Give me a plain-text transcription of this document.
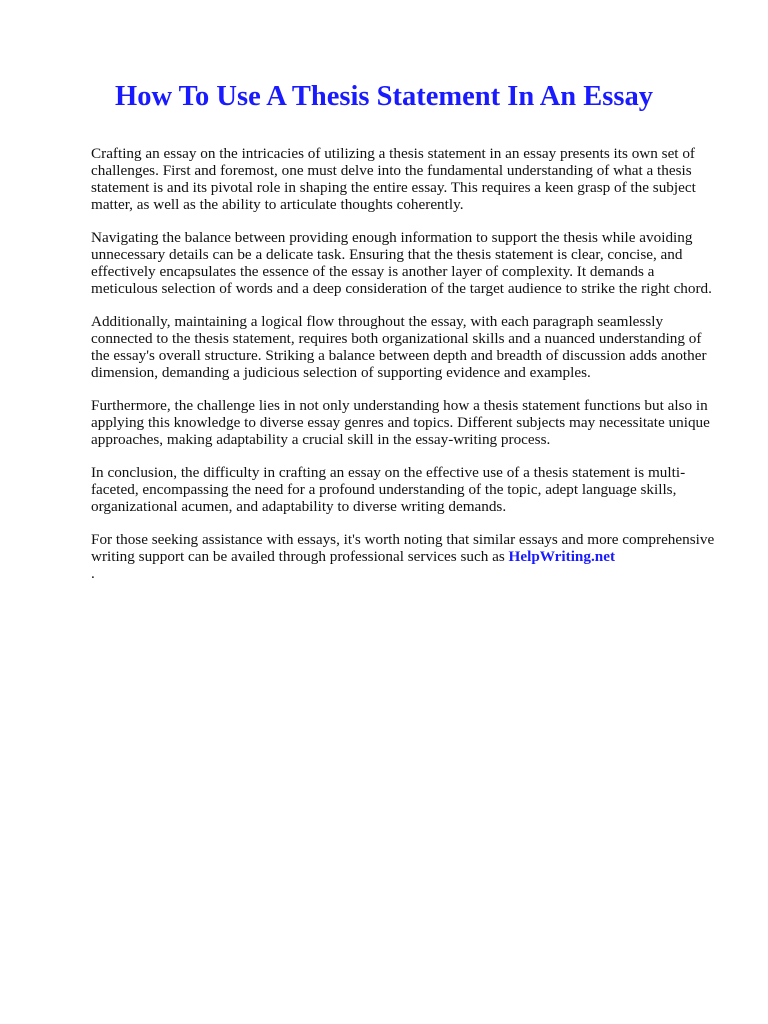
How To Use A Thesis Statement In An Essay

Crafting an essay on the intricacies of utilizing a thesis statement in an essay presents its own set of challenges. First and foremost, one must delve into the fundamental understanding of what a thesis statement is and its pivotal role in shaping the entire essay. This requires a keen grasp of the subject matter, as well as the ability to articulate thoughts coherently.

Navigating the balance between providing enough information to support the thesis while avoiding unnecessary details can be a delicate task. Ensuring that the thesis statement is clear, concise, and effectively encapsulates the essence of the essay is another layer of complexity. It demands a meticulous selection of words and a deep consideration of the target audience to strike the right chord.

Additionally, maintaining a logical flow throughout the essay, with each paragraph seamlessly connected to the thesis statement, requires both organizational skills and a nuanced understanding of the essay's overall structure. Striking a balance between depth and breadth of discussion adds another dimension, demanding a judicious selection of supporting evidence and examples.

Furthermore, the challenge lies in not only understanding how a thesis statement functions but also in applying this knowledge to diverse essay genres and topics. Different subjects may necessitate unique approaches, making adaptability a crucial skill in the essay-writing process.

In conclusion, the difficulty in crafting an essay on the effective use of a thesis statement is multi-faceted, encompassing the need for a profound understanding of the topic, adept language skills, organizational acumen, and adaptability to diverse writing demands.

For those seeking assistance with essays, it's worth noting that similar essays and more comprehensive writing support can be availed through professional services such as HelpWriting.net
.
